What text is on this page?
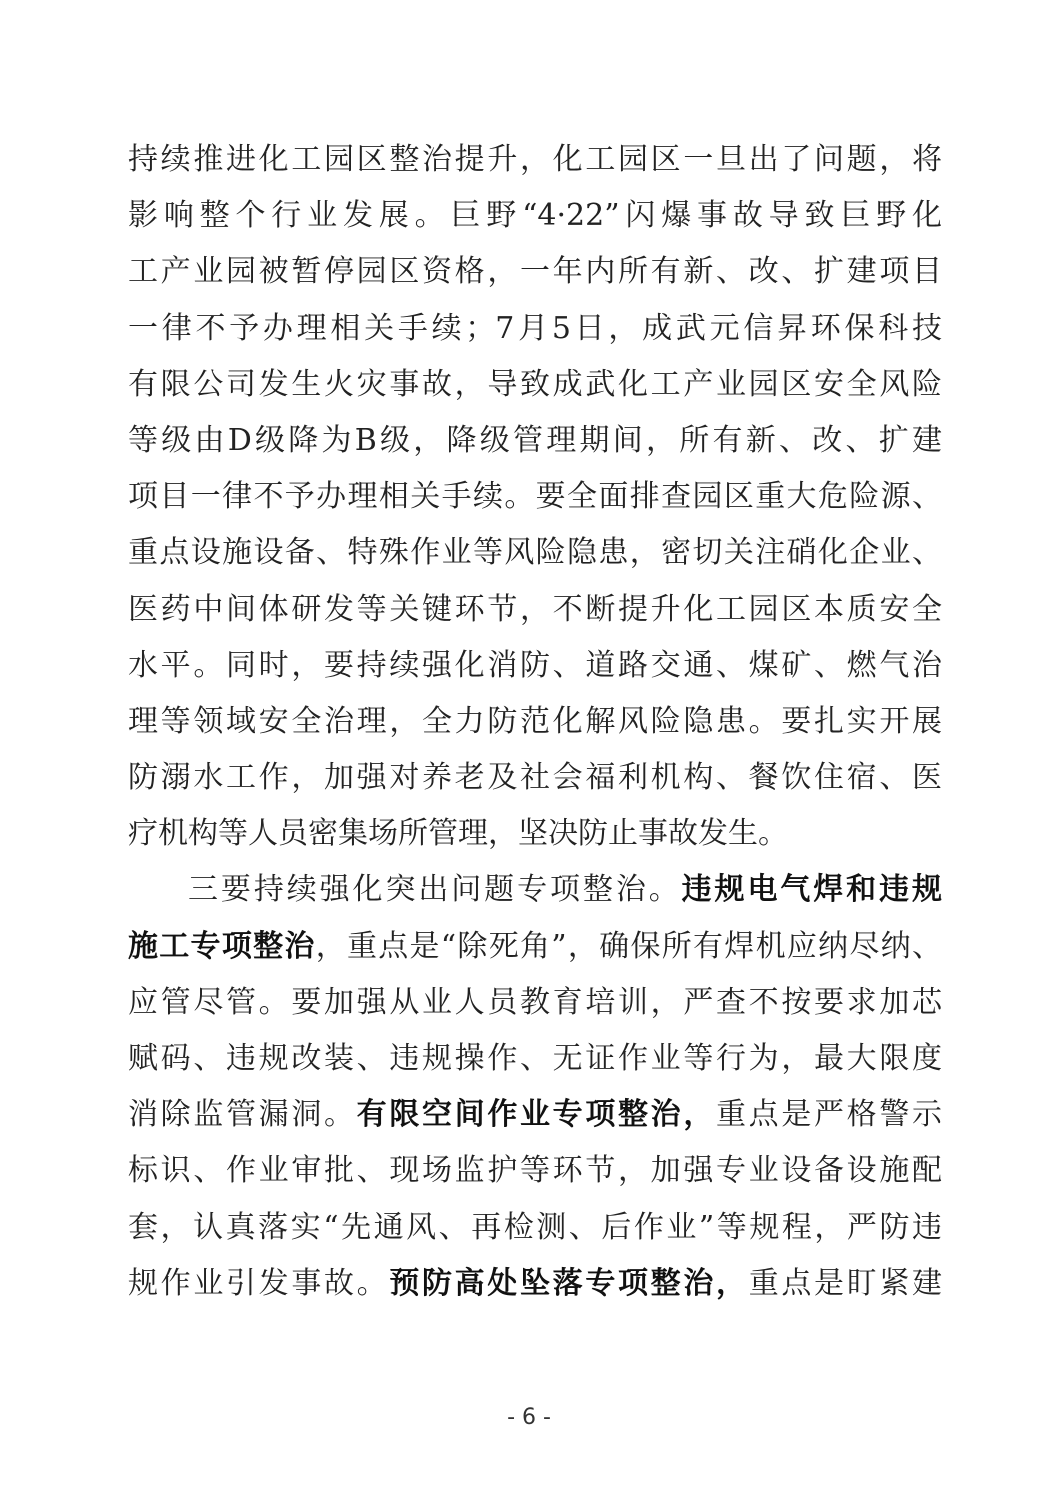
持续推进化工园区整治提升，化工园区一旦出了问题，将
影响整个行业发展。巨野“4·22”闪爆事故导致巨野化
工产业园被暂停园区资格，一年内所有新、改、扩建项目
一律不予办理相关手续；7月5日，成武元信昇环保科技
有限公司发生火灾事故，导致成武化工产业园区安全风险
等级由D级降为B级，降级管理期间，所有新、改、扩建
项目一律不予办理相关手续。要全面排查园区重大危险源、
重点设施设备、特殊作业等风险隐患，密切关注硝化企业、
医药中间体研发等关键环节，不断提升化工园区本质安全
水平。同时，要持续强化消防、道路交通、煤矿、燃气治
理等领域安全治理，全力防范化解风险隐患。要扎实开展
防溺水工作，加强对养老及社会福利机构、餐饮住宿、医
疗机构等人员密集场所管理，坚决防止事故发生。
三要持续强化突出问题专项整治。违规电气焊和违规
施工专项整治，重点是“除死角”，确保所有焊机应纳尽纳、
应管尽管。要加强从业人员教育培训，严查不按要求加芯
赋码、违规改装、违规操作、无证作业等行为，最大限度
消除监管漏洞。有限空间作业专项整治，重点是严格警示
标识、作业审批、现场监护等环节，加强专业设备设施配
套，认真落实“先通风、再检测、后作业”等规程，严防违
规作业引发事故。预防高处坠落专项整治，重点是盯紧建
- 6 -
